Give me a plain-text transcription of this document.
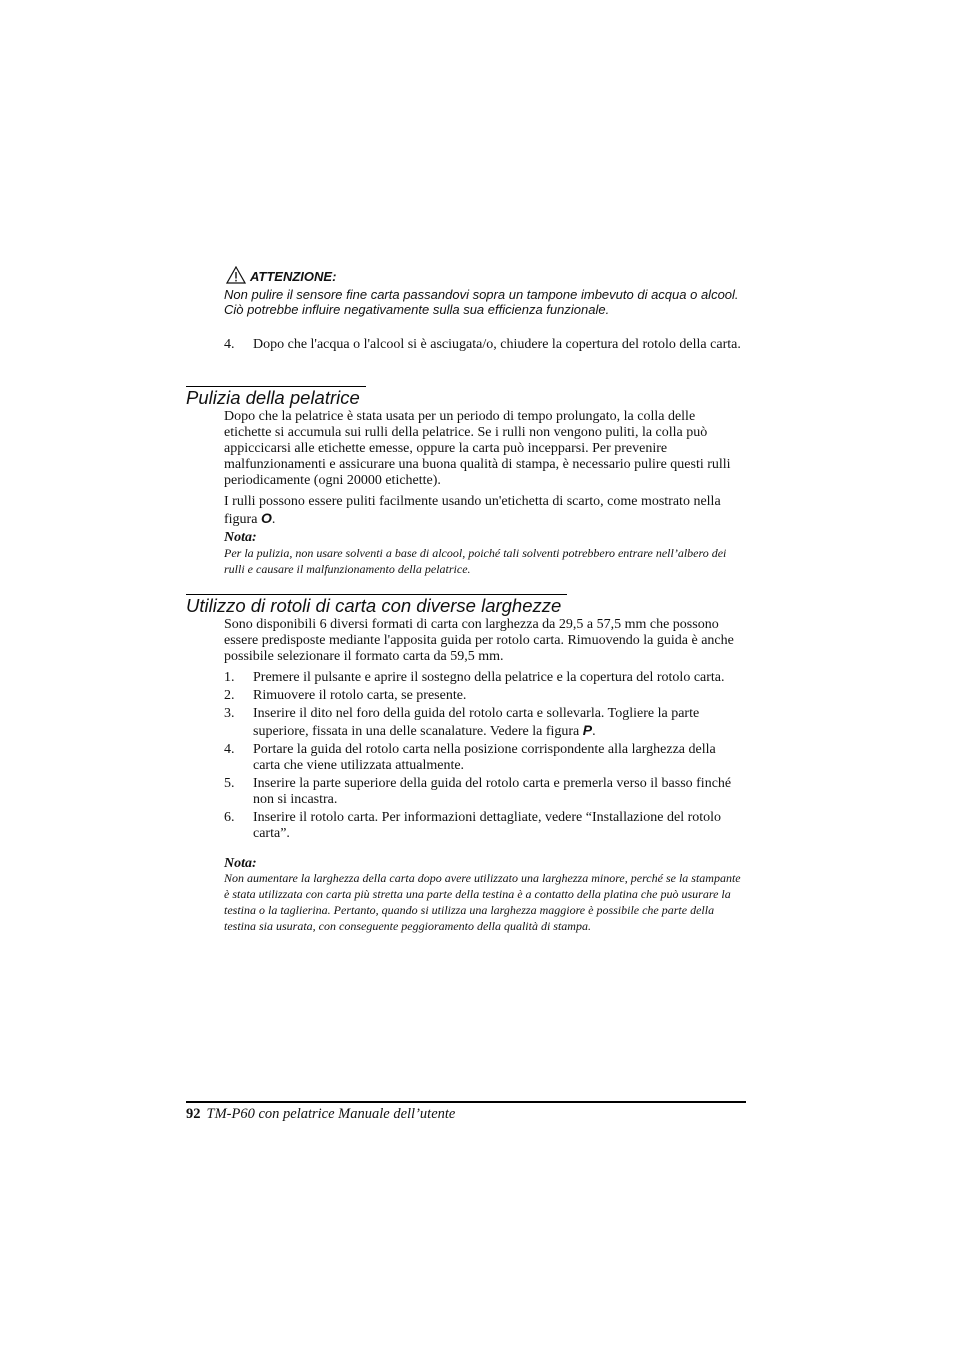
ATTENZIONE:
Non pulire il sensore fine carta passandovi sopra un tampone imbevuto di acqua o alcool. Ciò potrebbe influire negativamente sulla sua efficienza funzionale.
4.	Dopo che l'acqua o l'alcool si è asciugata/o, chiudere la copertura del rotolo della carta.
Pulizia della pelatrice
Dopo che la pelatrice è stata usata per un periodo di tempo prolungato, la colla delle etichette si accumula sui rulli della pelatrice. Se i rulli non vengono puliti, la colla può appiccicarsi alle etichette emesse, oppure la carta può incepparsi. Per prevenire malfunzionamenti e assicurare una buona qualità di stampa, è necessario pulire questi rulli periodicamente (ogni 20000 etichette).
I rulli possono essere puliti facilmente usando un'etichetta di scarto, come mostrato nella figura O.
Nota:
Per la pulizia, non usare solventi a base di alcool, poiché tali solventi potrebbero entrare nell’albero dei rulli e causare il malfunzionamento della pelatrice.
Utilizzo di rotoli di carta con diverse larghezze
Sono disponibili 6 diversi formati di carta con larghezza da 29,5 a 57,5 mm che possono essere predisposte mediante l'apposita guida per rotolo carta. Rimuovendo la guida è anche possibile selezionare il formato carta da 59,5 mm.
1.	Premere il pulsante e aprire il sostegno della pelatrice e la copertura del rotolo carta.
2.	Rimuovere il rotolo carta, se presente.
3.	Inserire il dito nel foro della guida del rotolo carta e sollevarla. Togliere la parte superiore, fissata in una delle scanalature. Vedere la figura P.
4.	Portare la guida del rotolo carta nella posizione corrispondente alla larghezza della carta che viene utilizzata attualmente.
5.	Inserire la parte superiore della guida del rotolo carta e premerla verso il basso finché non si incastra.
6.	Inserire il rotolo carta. Per informazioni dettagliate, vedere “Installazione del rotolo carta”.
Nota:
Non aumentare la larghezza della carta dopo avere utilizzato una larghezza minore, perché se la stampante è stata utilizzata con carta più stretta una parte della testina è a contatto della platina che può usurare la testina o la taglierina. Pertanto, quando si utilizza una larghezza maggiore è possibile che parte della testina sia usurata, con conseguente peggioramento della qualità di stampa.
92 TM-P60 con pelatrice Manuale dell’utente
